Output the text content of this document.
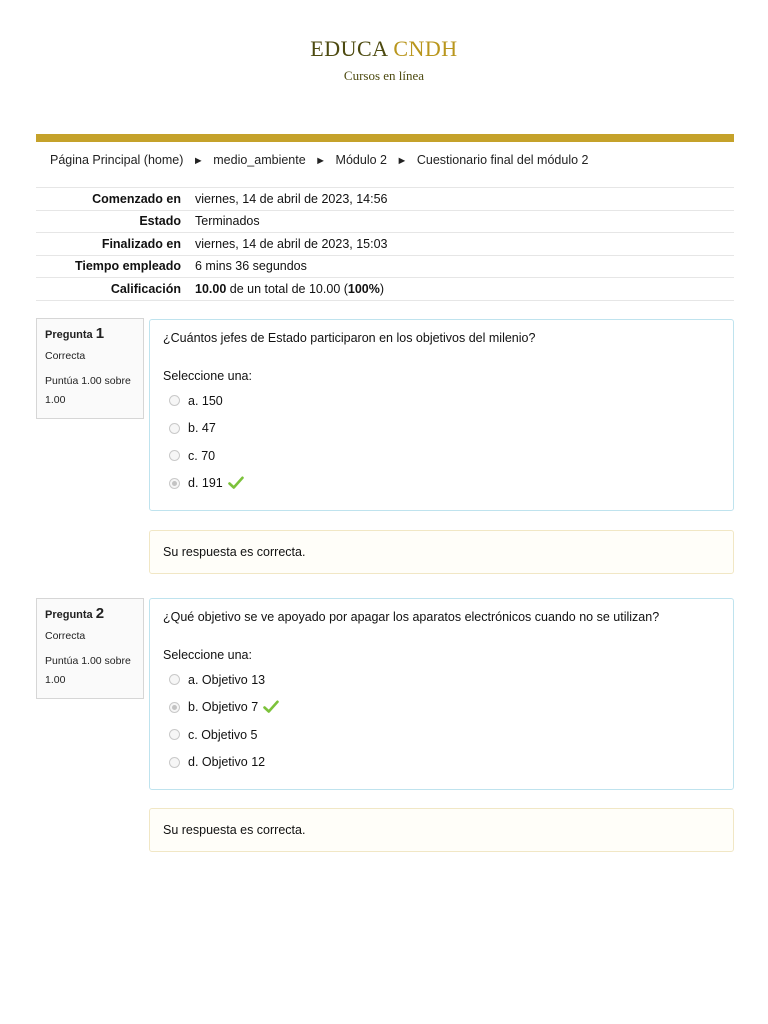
EDUCA CNDH
Cursos en línea
Página Principal (home) ► medio_ambiente ► Módulo 2 ► Cuestionario final del módulo 2
Comenzado en	viernes, 14 de abril de 2023, 14:56
Estado	Terminados
Finalizado en	viernes, 14 de abril de 2023, 15:03
Tiempo empleado	6 mins 36 segundos
Calificación	10.00 de un total de 10.00 (100%)
Pregunta 1
Correcta
Puntúa 1.00 sobre 1.00
¿Cuántos jefes de Estado participaron en los objetivos del milenio?
Seleccione una:
a. 150
b. 47
c. 70
d. 191
Su respuesta es correcta.
Pregunta 2
Correcta
Puntúa 1.00 sobre 1.00
¿Qué objetivo se ve apoyado por apagar los aparatos electrónicos cuando no se utilizan?
Seleccione una:
a. Objetivo 13
b. Objetivo 7
c. Objetivo 5
d. Objetivo 12
Su respuesta es correcta.
